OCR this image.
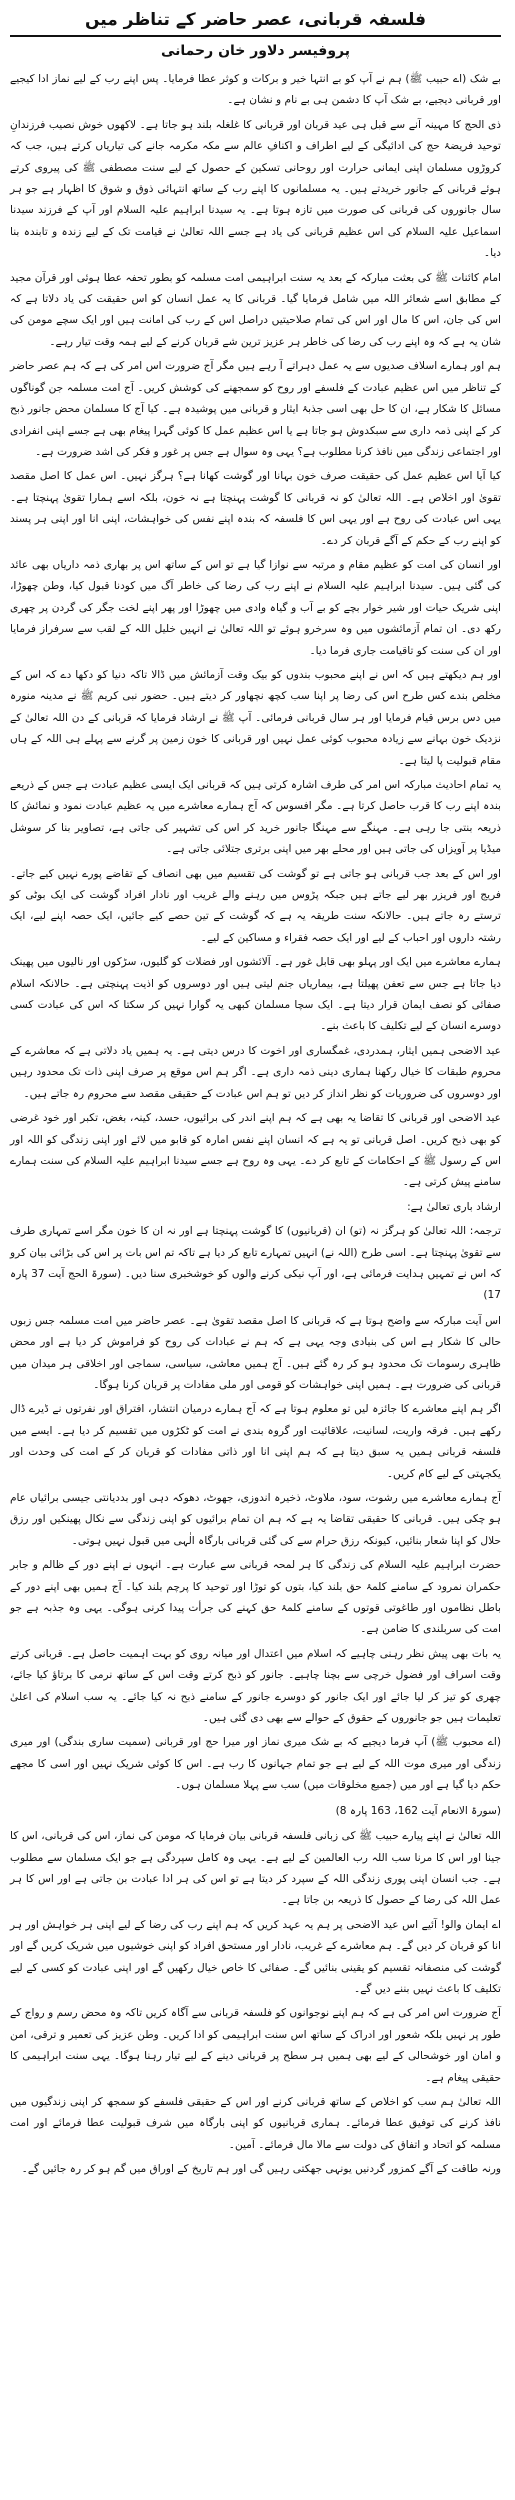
فلسفہ قربانی، عصر حاضر کے تناظر میں
پروفیسر دلاور خان رحمانی

بے شک (اے حبیب ﷺ) ہم نے آپ کو بے انتہا خیر و برکات و کوثر عطا فرمایا۔ پس اپنے رب کے لیے نماز ادا کیجیے اور قربانی دیجیے، بے شک آپ کا دشمن ہی بے نام و نشان ہے۔

ذی الحج کا مہینہ آنے سے قبل ہی عید قربان اور قربانی کا غلغلہ بلند ہو جاتا ہے۔ لاکھوں خوش نصیب فرزندانِ توحید فریضۂ حج کی ادائیگی کے لیے اطراف و اکنافِ عالم سے مکہ مکرمہ جانے کی تیاریاں کرتے ہیں، جب کہ کروڑوں مسلمان اپنی ایمانی حرارت اور روحانی تسکین کے حصول کے لیے سنت مصطفی ﷺ کی پیروی کرتے ہوئے قربانی کے جانور خریدتے ہیں۔ یہ مسلمانوں کا اپنے رب کے ساتھ انتہائی ذوق و شوق کا اظہار ہے جو ہر سال جانوروں کی قربانی کی صورت میں تازہ ہوتا ہے۔ یہ سیدنا ابراہیم علیہ السلام اور آپ کے فرزند سیدنا اسماعیل علیہ السلام کی اس عظیم قربانی کی یاد ہے جسے اللہ تعالیٰ نے قیامت تک کے لیے زندہ و تابندہ بنا دیا۔

امام کائنات ﷺ کی بعثت مبارکہ کے بعد یہ سنت ابراہیمی امت مسلمہ کو بطور تحفہ عطا ہوئی اور قرآن مجید کے مطابق اسے شعائر اللہ میں شامل فرمایا گیا۔ قربانی کا یہ عمل انسان کو اس حقیقت کی یاد دلاتا ہے کہ اس کی جان، اس کا مال اور اس کی تمام صلاحیتیں دراصل اس کے رب کی امانت ہیں اور ایک سچے مومن کی شان یہ ہے کہ وہ اپنے رب کی رضا کی خاطر ہر عزیز ترین شے قربان کرنے کے لیے ہمہ وقت تیار رہے۔

ہم اور ہمارے اسلاف صدیوں سے یہ عمل دہراتے آ رہے ہیں مگر آج ضرورت اس امر کی ہے کہ ہم عصر حاضر کے تناظر میں اس عظیم عبادت کے فلسفے اور روح کو سمجھنے کی کوشش کریں۔ آج امت مسلمہ جن گوناگوں مسائل کا شکار ہے، ان کا حل بھی اسی جذبۂ ایثار و قربانی میں پوشیدہ ہے۔ کیا آج کا مسلمان محض جانور ذبح کر کے اپنی ذمہ داری سے سبکدوش ہو جاتا ہے یا اس عظیم عمل کا کوئی گہرا پیغام بھی ہے جسے اپنی انفرادی اور اجتماعی زندگی میں نافذ کرنا مطلوب ہے؟ یہی وہ سوال ہے جس پر غور و فکر کی اشد ضرورت ہے۔

کیا آیا اس عظیم عمل کی حقیقت صرف خون بہانا اور گوشت کھانا ہے؟ ہرگز نہیں۔ اس عمل کا اصل مقصد تقویٰ اور اخلاص ہے۔ اللہ تعالیٰ کو نہ قربانی کا گوشت پہنچتا ہے نہ خون، بلکہ اسے ہمارا تقویٰ پہنچتا ہے۔ یہی اس عبادت کی روح ہے اور یہی اس کا فلسفہ کہ بندہ اپنے نفس کی خواہشات، اپنی انا اور اپنی ہر پسند کو اپنے رب کے حکم کے آگے قربان کر دے۔

اور انسان کی امت کو عظیم مقام و مرتبہ سے نوازا گیا ہے تو اس کے ساتھ اس پر بھاری ذمہ داریاں بھی عائد کی گئی ہیں۔ سیدنا ابراہیم علیہ السلام نے اپنے رب کی رضا کی خاطر آگ میں کودنا قبول کیا، وطن چھوڑا، اپنی شریک حیات اور شیر خوار بچے کو بے آب و گیاہ وادی میں چھوڑا اور پھر اپنے لخت جگر کی گردن پر چھری رکھ دی۔ ان تمام آزمائشوں میں وہ سرخرو ہوئے تو اللہ تعالیٰ نے انہیں خلیل اللہ کے لقب سے سرفراز فرمایا اور ان کی سنت کو تاقیامت جاری فرما دیا۔

اور ہم دیکھتے ہیں کہ اس نے اپنے محبوب بندوں کو بیک وقت آزمائش میں ڈالا تاکہ دنیا کو دکھا دے کہ اس کے مخلص بندے کس طرح اس کی رضا پر اپنا سب کچھ نچھاور کر دیتے ہیں۔ حضور نبی کریم ﷺ نے مدینہ منورہ میں دس برس قیام فرمایا اور ہر سال قربانی فرمائی۔ آپ ﷺ نے ارشاد فرمایا کہ قربانی کے دن اللہ تعالیٰ کے نزدیک خون بہانے سے زیادہ محبوب کوئی عمل نہیں اور قربانی کا خون زمین پر گرنے سے پہلے ہی اللہ کے ہاں مقام قبولیت پا لیتا ہے۔

یہ تمام احادیث مبارکہ اس امر کی طرف اشارہ کرتی ہیں کہ قربانی ایک ایسی عظیم عبادت ہے جس کے ذریعے بندہ اپنے رب کا قرب حاصل کرتا ہے۔ مگر افسوس کہ آج ہمارے معاشرے میں یہ عظیم عبادت نمود و نمائش کا ذریعہ بنتی جا رہی ہے۔ مہنگے سے مہنگا جانور خرید کر اس کی تشہیر کی جاتی ہے، تصاویر بنا کر سوشل میڈیا پر آویزاں کی جاتی ہیں اور محلے بھر میں اپنی برتری جتلائی جاتی ہے۔

اور اس کے بعد جب قربانی ہو جاتی ہے تو گوشت کی تقسیم میں بھی انصاف کے تقاضے پورے نہیں کیے جاتے۔ فریج اور فریزر بھر لیے جاتے ہیں جبکہ پڑوس میں رہنے والے غریب اور نادار افراد گوشت کی ایک بوٹی کو ترستے رہ جاتے ہیں۔ حالانکہ سنت طریقہ یہ ہے کہ گوشت کے تین حصے کیے جائیں، ایک حصہ اپنے لیے، ایک رشتہ داروں اور احباب کے لیے اور ایک حصہ فقراء و مساکین کے لیے۔

ہمارے معاشرے میں ایک اور پہلو بھی قابل غور ہے۔ آلائشوں اور فضلات کو گلیوں، سڑکوں اور نالیوں میں پھینک دیا جاتا ہے جس سے تعفن پھیلتا ہے، بیماریاں جنم لیتی ہیں اور دوسروں کو اذیت پہنچتی ہے۔ حالانکہ اسلام صفائی کو نصف ایمان قرار دیتا ہے۔ ایک سچا مسلمان کبھی یہ گوارا نہیں کر سکتا کہ اس کی عبادت کسی دوسرے انسان کے لیے تکلیف کا باعث بنے۔

عید الاضحی ہمیں ایثار، ہمدردی، غمگساری اور اخوت کا درس دیتی ہے۔ یہ ہمیں یاد دلاتی ہے کہ معاشرے کے محروم طبقات کا خیال رکھنا ہماری دینی ذمہ داری ہے۔ اگر ہم اس موقع پر صرف اپنی ذات تک محدود رہیں اور دوسروں کی ضروریات کو نظر انداز کر دیں تو ہم اس عبادت کے حقیقی مقصد سے محروم رہ جاتے ہیں۔

عید الاضحی اور قربانی کا تقاضا یہ بھی ہے کہ ہم اپنے اندر کی برائیوں، حسد، کینہ، بغض، تکبر اور خود غرضی کو بھی ذبح کریں۔ اصل قربانی تو یہ ہے کہ انسان اپنے نفس امارہ کو قابو میں لائے اور اپنی زندگی کو اللہ اور اس کے رسول ﷺ کے احکامات کے تابع کر دے۔ یہی وہ روح ہے جسے سیدنا ابراہیم علیہ السلام کی سنت ہمارے سامنے پیش کرتی ہے۔

ارشاد باری تعالیٰ ہے:

ترجمہ: اللہ تعالیٰ کو ہرگز نہ (تو) ان (قربانیوں) کا گوشت پہنچتا ہے اور نہ ان کا خون مگر اسے تمہاری طرف سے تقویٰ پہنچتا ہے۔ اسی طرح (اللہ نے) انہیں تمہارے تابع کر دیا ہے تاکہ تم اس بات پر اس کی بڑائی بیان کرو کہ اس نے تمہیں ہدایت فرمائی ہے، اور آپ نیکی کرنے والوں کو خوشخبری سنا دیں۔ (سورۃ الحج آیت 37 پارہ 17)

اس آیت مبارکہ سے واضح ہوتا ہے کہ قربانی کا اصل مقصد تقویٰ ہے۔ عصر حاضر میں امت مسلمہ جس زبوں حالی کا شکار ہے اس کی بنیادی وجہ یہی ہے کہ ہم نے عبادات کی روح کو فراموش کر دیا ہے اور محض ظاہری رسومات تک محدود ہو کر رہ گئے ہیں۔ آج ہمیں معاشی، سیاسی، سماجی اور اخلاقی ہر میدان میں قربانی کی ضرورت ہے۔ ہمیں اپنی خواہشات کو قومی اور ملی مفادات پر قربان کرنا ہوگا۔

اگر ہم اپنے معاشرے کا جائزہ لیں تو معلوم ہوتا ہے کہ آج ہمارے درمیان انتشار، افتراق اور نفرتوں نے ڈیرے ڈال رکھے ہیں۔ فرقہ واریت، لسانیت، علاقائیت اور گروہ بندی نے امت کو ٹکڑوں میں تقسیم کر دیا ہے۔ ایسے میں فلسفہ قربانی ہمیں یہ سبق دیتا ہے کہ ہم اپنی انا اور ذاتی مفادات کو قربان کر کے امت کی وحدت اور یکجہتی کے لیے کام کریں۔

آج ہمارے معاشرے میں رشوت، سود، ملاوٹ، ذخیرہ اندوزی، جھوٹ، دھوکہ دہی اور بددیانتی جیسی برائیاں عام ہو چکی ہیں۔ قربانی کا حقیقی تقاضا یہ ہے کہ ہم ان تمام برائیوں کو اپنی زندگی سے نکال پھینکیں اور رزق حلال کو اپنا شعار بنائیں، کیونکہ رزق حرام سے کی گئی قربانی بارگاہ الٰہی میں قبول نہیں ہوتی۔

حضرت ابراہیم علیہ السلام کی زندگی کا ہر لمحہ قربانی سے عبارت ہے۔ انہوں نے اپنے دور کے ظالم و جابر حکمران نمرود کے سامنے کلمۂ حق بلند کیا، بتوں کو توڑا اور توحید کا پرچم بلند کیا۔ آج ہمیں بھی اپنے دور کے باطل نظاموں اور طاغوتی قوتوں کے سامنے کلمۂ حق کہنے کی جرأت پیدا کرنی ہوگی۔ یہی وہ جذبہ ہے جو امت کی سربلندی کا ضامن ہے۔

یہ بات بھی پیش نظر رہنی چاہیے کہ اسلام میں اعتدال اور میانہ روی کو بہت اہمیت حاصل ہے۔ قربانی کرتے وقت اسراف اور فضول خرچی سے بچنا چاہیے۔ جانور کو ذبح کرتے وقت اس کے ساتھ نرمی کا برتاؤ کیا جائے، چھری کو تیز کر لیا جائے اور ایک جانور کو دوسرے جانور کے سامنے ذبح نہ کیا جائے۔ یہ سب اسلام کی اعلیٰ تعلیمات ہیں جو جانوروں کے حقوق کے حوالے سے بھی دی گئی ہیں۔

(اے محبوب ﷺ) آپ فرما دیجیے کہ بے شک میری نماز اور میرا حج اور قربانی (سمیت ساری بندگی) اور میری زندگی اور میری موت اللہ کے لیے ہے جو تمام جہانوں کا رب ہے۔ اس کا کوئی شریک نہیں اور اسی کا مجھے حکم دیا گیا ہے اور میں (جمیع مخلوقات میں) سب سے پہلا مسلمان ہوں۔

(سورۃ الانعام آیت 162، 163 پارہ 8)

اللہ تعالیٰ نے اپنے پیارے حبیب ﷺ کی زبانی فلسفہ قربانی بیان فرمایا کہ مومن کی نماز، اس کی قربانی، اس کا جینا اور اس کا مرنا سب اللہ رب العالمین کے لیے ہے۔ یہی وہ کامل سپردگی ہے جو ایک مسلمان سے مطلوب ہے۔ جب انسان اپنی پوری زندگی اللہ کے سپرد کر دیتا ہے تو اس کی ہر ادا عبادت بن جاتی ہے اور اس کا ہر عمل اللہ کی رضا کے حصول کا ذریعہ بن جاتا ہے۔

اے ایمان والو! آئیے اس عید الاضحی پر ہم یہ عہد کریں کہ ہم اپنے رب کی رضا کے لیے اپنی ہر خواہش اور ہر انا کو قربان کر دیں گے۔ ہم معاشرے کے غریب، نادار اور مستحق افراد کو اپنی خوشیوں میں شریک کریں گے اور گوشت کی منصفانہ تقسیم کو یقینی بنائیں گے۔ صفائی کا خاص خیال رکھیں گے اور اپنی عبادت کو کسی کے لیے تکلیف کا باعث نہیں بننے دیں گے۔

آج ضرورت اس امر کی ہے کہ ہم اپنے نوجوانوں کو فلسفہ قربانی سے آگاہ کریں تاکہ وہ محض رسم و رواج کے طور پر نہیں بلکہ شعور اور ادراک کے ساتھ اس سنت ابراہیمی کو ادا کریں۔ وطن عزیز کی تعمیر و ترقی، امن و امان اور خوشحالی کے لیے بھی ہمیں ہر سطح پر قربانی دینے کے لیے تیار رہنا ہوگا۔ یہی سنت ابراہیمی کا حقیقی پیغام ہے۔

اللہ تعالیٰ ہم سب کو اخلاص کے ساتھ قربانی کرنے اور اس کے حقیقی فلسفے کو سمجھ کر اپنی زندگیوں میں نافذ کرنے کی توفیق عطا فرمائے۔ ہماری قربانیوں کو اپنی بارگاہ میں شرف قبولیت عطا فرمائے اور امت مسلمہ کو اتحاد و اتفاق کی دولت سے مالا مال فرمائے۔ آمین۔

ورنہ طاقت کے آگے کمزور گردنیں یونہی جھکتی رہیں گی اور ہم تاریخ کے اوراق میں گم ہو کر رہ جائیں گے۔
